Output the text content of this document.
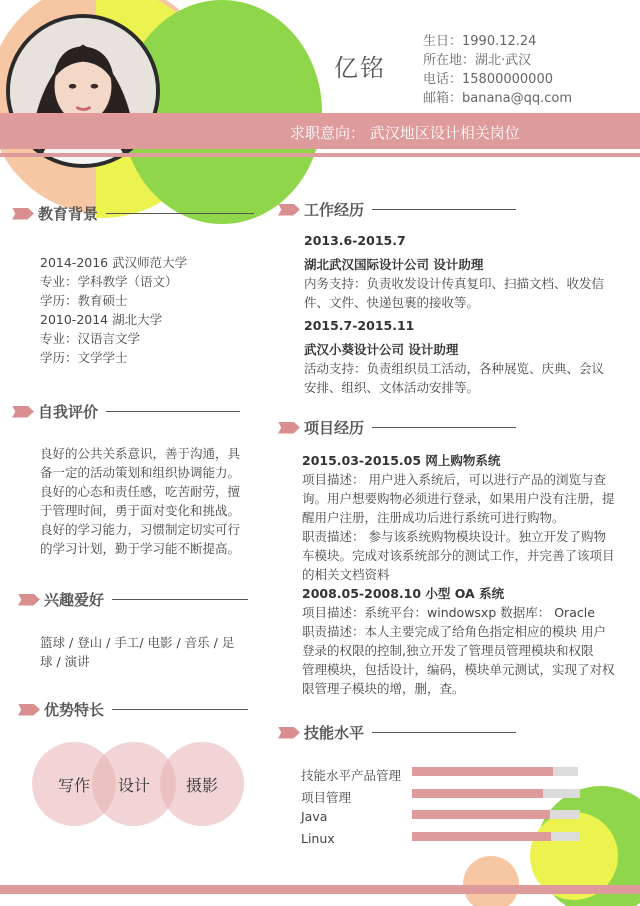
亿铭
生日：1990.12.24
所在地：湖北·武汉
电话：15800000000
邮箱：banana@qq.com
求职意向： 武汉地区设计相关岗位
教育背景
2014-2016 武汉师范大学
专业：学科教学（语文）
学历：教育硕士
2010-2014 湖北大学
专业：汉语言文学
学历：文学学士
自我评价
良好的公共关系意识，善于沟通，具
备一定的活动策划和组织协调能力。
良好的心态和责任感，吃苦耐劳，擅
于管理时间，勇于面对变化和挑战。
良好的学习能力，习惯制定切实可行
的学习计划，勤于学习能不断提高。
兴趣爱好
篮球 / 登山 / 手工/ 电影 / 音乐 / 足
球 / 演讲
优势特长
写作	设计	摄影
工作经历
2013.6-2015.7
湖北武汉国际设计公司 设计助理
内务支持：负责收发设计传真复印、扫描文档、收发信
件、文件、快递包裹的接收等。
2015.7-2015.11
武汉小葵设计公司 设计助理
活动支持：负责组织员工活动，各种展览、庆典、会议
安排、组织、文体活动安排等。
项目经历
2015.03-2015.05 网上购物系统
项目描述： 用户进入系统后，可以进行产品的浏览与查
询。用户想要购物必须进行登录，如果用户没有注册，提
醒用户注册，注册成功后进行系统可进行购物。
职责描述： 参与该系统购物模块设计。独立开发了购物
车模块。完成对该系统部分的测试工作，并完善了该项目
的相关文档资料
2008.05-2008.10 小型 OA 系统
项目描述：系统平台：windowsxp 数据库： Oracle
职责描述：本人主要完成了给角色指定相应的模块 用户
登录的权限的控制,独立开发了管理员管理模块和权限
管理模块，包括设计，编码，模块单元测试，实现了对权
限管理子模块的增，删，查。
技能水平
技能水平产品管理
项目管理
Java
Linux
